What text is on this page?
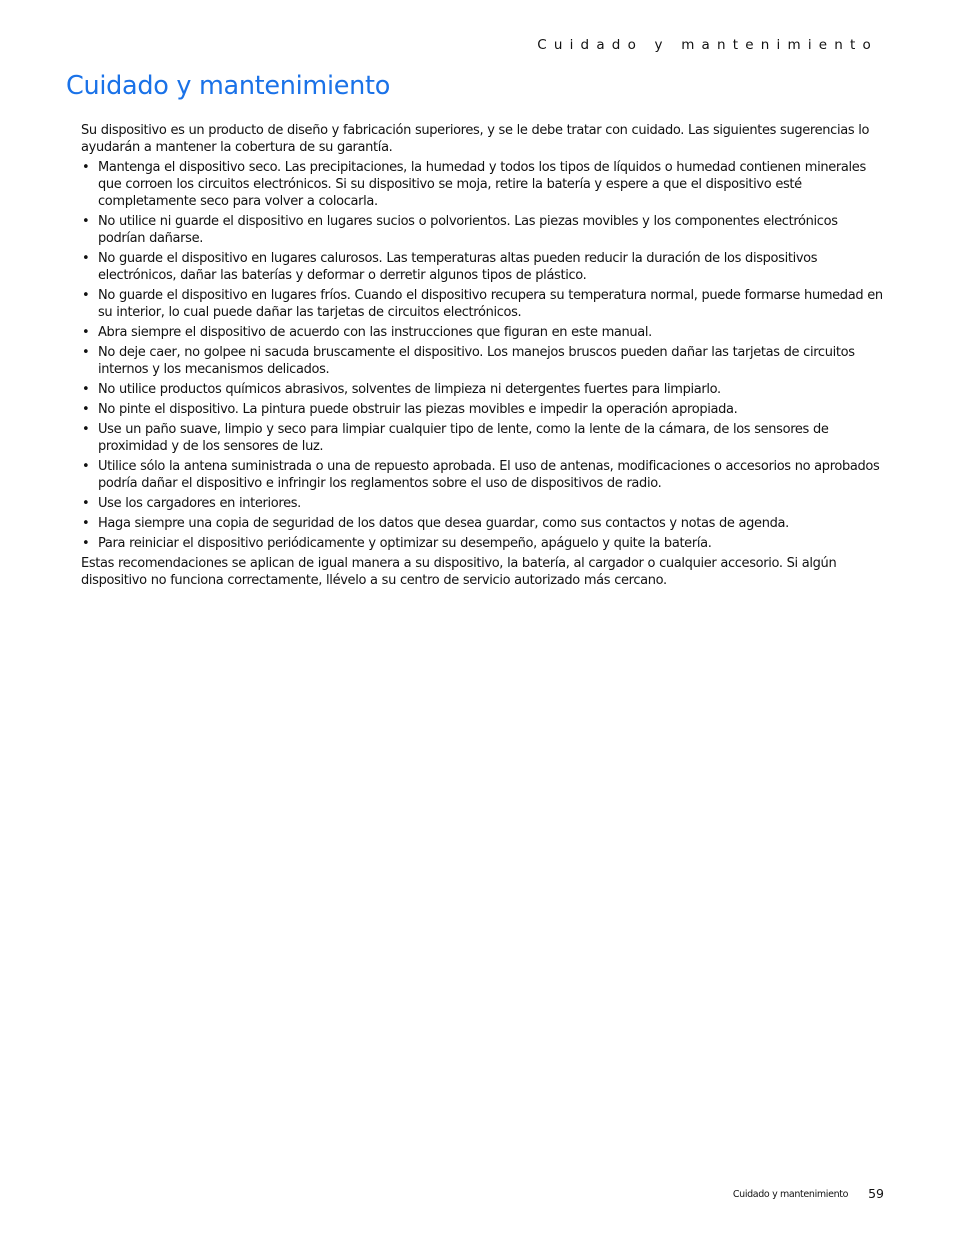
Cuidado y mantenimiento
Cuidado y mantenimiento

Su dispositivo es un producto de diseño y fabricación superiores, y se le debe tratar con cuidado. Las siguientes sugerencias lo ayudarán a mantener la cobertura de su garantía.

• Mantenga el dispositivo seco. Las precipitaciones, la humedad y todos los tipos de líquidos o humedad contienen minerales que corroen los circuitos electrónicos. Si su dispositivo se moja, retire la batería y espere a que el dispositivo esté completamente seco para volver a colocarla.
• No utilice ni guarde el dispositivo en lugares sucios o polvorientos. Las piezas movibles y los componentes electrónicos podrían dañarse.
• No guarde el dispositivo en lugares calurosos. Las temperaturas altas pueden reducir la duración de los dispositivos electrónicos, dañar las baterías y deformar o derretir algunos tipos de plástico.
• No guarde el dispositivo en lugares fríos. Cuando el dispositivo recupera su temperatura normal, puede formarse humedad en su interior, lo cual puede dañar las tarjetas de circuitos electrónicos.
• Abra siempre el dispositivo de acuerdo con las instrucciones que figuran en este manual.
• No deje caer, no golpee ni sacuda bruscamente el dispositivo. Los manejos bruscos pueden dañar las tarjetas de circuitos internos y los mecanismos delicados.
• No utilice productos químicos abrasivos, solventes de limpieza ni detergentes fuertes para limpiarlo.
• No pinte el dispositivo. La pintura puede obstruir las piezas movibles e impedir la operación apropiada.
• Use un paño suave, limpio y seco para limpiar cualquier tipo de lente, como la lente de la cámara, de los sensores de proximidad y de los sensores de luz.
• Utilice sólo la antena suministrada o una de repuesto aprobada. El uso de antenas, modificaciones o accesorios no aprobados podría dañar el dispositivo e infringir los reglamentos sobre el uso de dispositivos de radio.
• Use los cargadores en interiores.
• Haga siempre una copia de seguridad de los datos que desea guardar, como sus contactos y notas de agenda.
• Para reiniciar el dispositivo periódicamente y optimizar su desempeño, apáguelo y quite la batería.

Estas recomendaciones se aplican de igual manera a su dispositivo, la batería, al cargador o cualquier accesorio. Si algún dispositivo no funciona correctamente, llévelo a su centro de servicio autorizado más cercano.

Cuidado y mantenimiento 59
